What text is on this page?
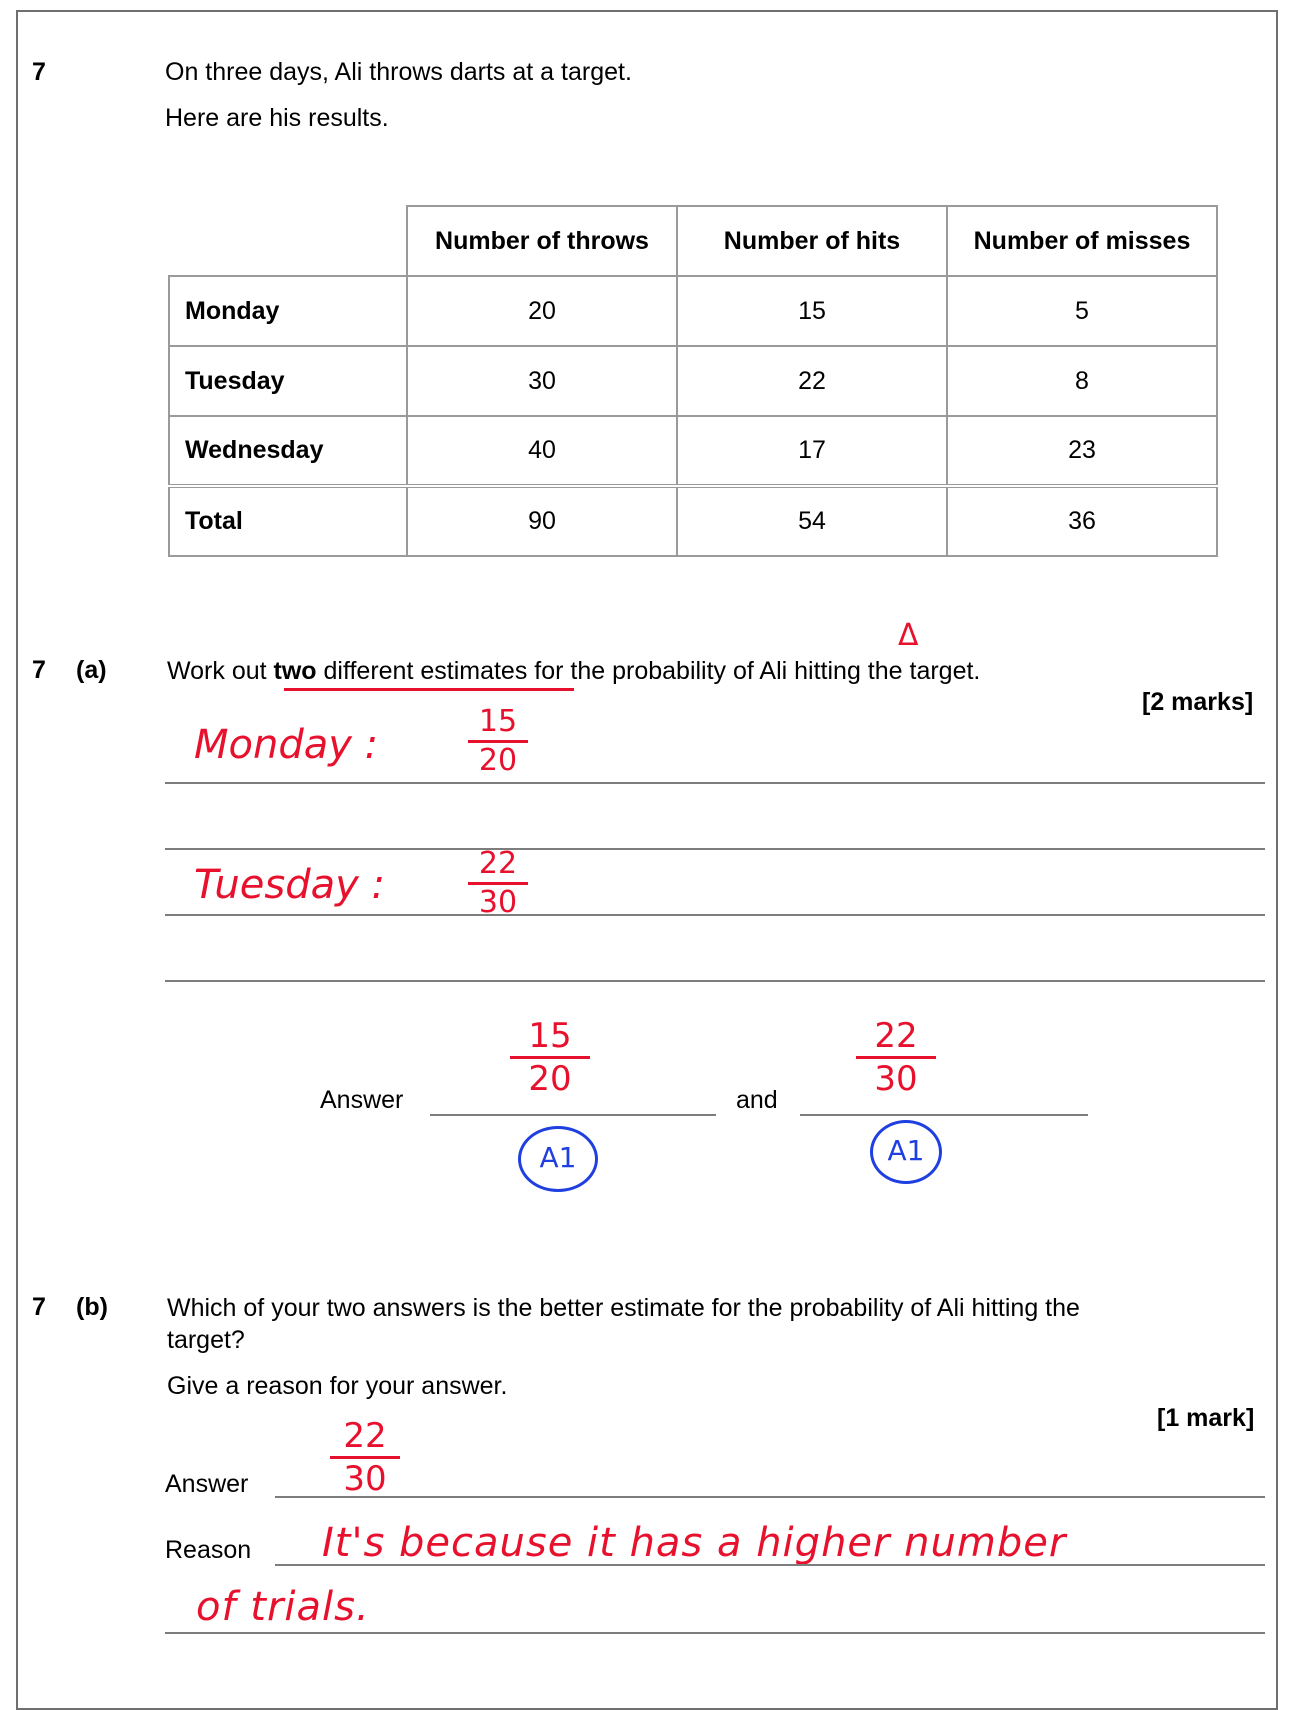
7	On three days, Ali throws darts at a target.
Here are his results.
	Number of throws	Number of hits	Number of misses
Monday	20	15	5
Tuesday	30	22	8
Wednesday	40	17	23
Total	90	54	36
7 (a)
Δ
Work out two different estimates for the probability of Ali hitting the target.
[2 marks]
Monday :
15
20
Tuesday :	22
30
Answer
15
20
A1
and
22
30
A1
7 (b) Which of your two answers is the better estimate for the probability of Ali hitting the
target?
Give a reason for your answer.
[1 mark]
Answer
22
30
Reason It's because it has a higher number
of trials.
